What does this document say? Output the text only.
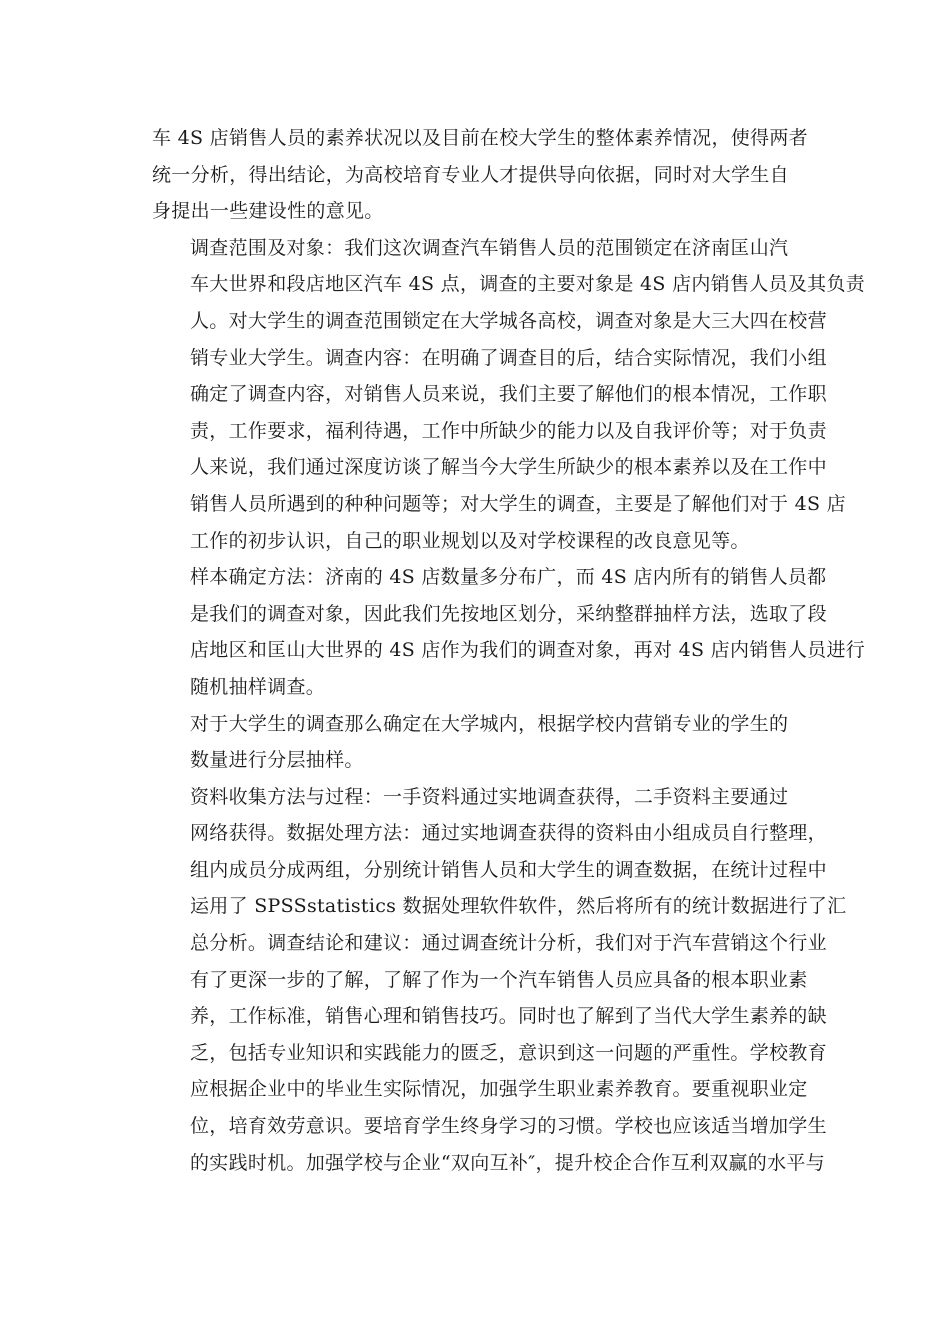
车 4S 店销售人员的素养状况以及目前在校大学生的整体素养情况，使得两者
统一分析，得出结论，为高校培育专业人才提供导向依据，同时对大学生自
身提出一些建设性的意见。

调查范围及对象：我们这次调查汽车销售人员的范围锁定在济南匡山汽
车大世界和段店地区汽车 4S 点，调查的主要对象是 4S 店内销售人员及其负责
人。对大学生的调查范围锁定在大学城各高校，调查对象是大三大四在校营
销专业大学生。调查内容：在明确了调查目的后，结合实际情况，我们小组
确定了调查内容，对销售人员来说，我们主要了解他们的根本情况，工作职
责，工作要求，福利待遇，工作中所缺少的能力以及自我评价等；对于负责
人来说，我们通过深度访谈了解当今大学生所缺少的根本素养以及在工作中
销售人员所遇到的种种问题等；对大学生的调查，主要是了解他们对于 4S 店
工作的初步认识，自己的职业规划以及对学校课程的改良意见等。

样本确定方法：济南的 4S 店数量多分布广，而 4S 店内所有的销售人员都
是我们的调查对象，因此我们先按地区划分，采纳整群抽样方法，选取了段
店地区和匡山大世界的 4S 店作为我们的调查对象，再对 4S 店内销售人员进行
随机抽样调查。

对于大学生的调查那么确定在大学城内，根据学校内营销专业的学生的
数量进行分层抽样。

资料收集方法与过程：一手资料通过实地调查获得，二手资料主要通过
网络获得。数据处理方法：通过实地调查获得的资料由小组成员自行整理，
组内成员分成两组，分别统计销售人员和大学生的调查数据，在统计过程中
运用了 SPSSstatistics 数据处理软件软件，然后将所有的统计数据进行了汇
总分析。调查结论和建议：通过调查统计分析，我们对于汽车营销这个行业
有了更深一步的了解，了解了作为一个汽车销售人员应具备的根本职业素
养，工作标准，销售心理和销售技巧。同时也了解到了当代大学生素养的缺
乏，包括专业知识和实践能力的匮乏，意识到这一问题的严重性。学校教育
应根据企业中的毕业生实际情况，加强学生职业素养教育。要重视职业定
位，培育效劳意识。要培育学生终身学习的习惯。学校也应该适当增加学生
的实践时机。加强学校与企业“双向互补″，提升校企合作互利双赢的水平与
